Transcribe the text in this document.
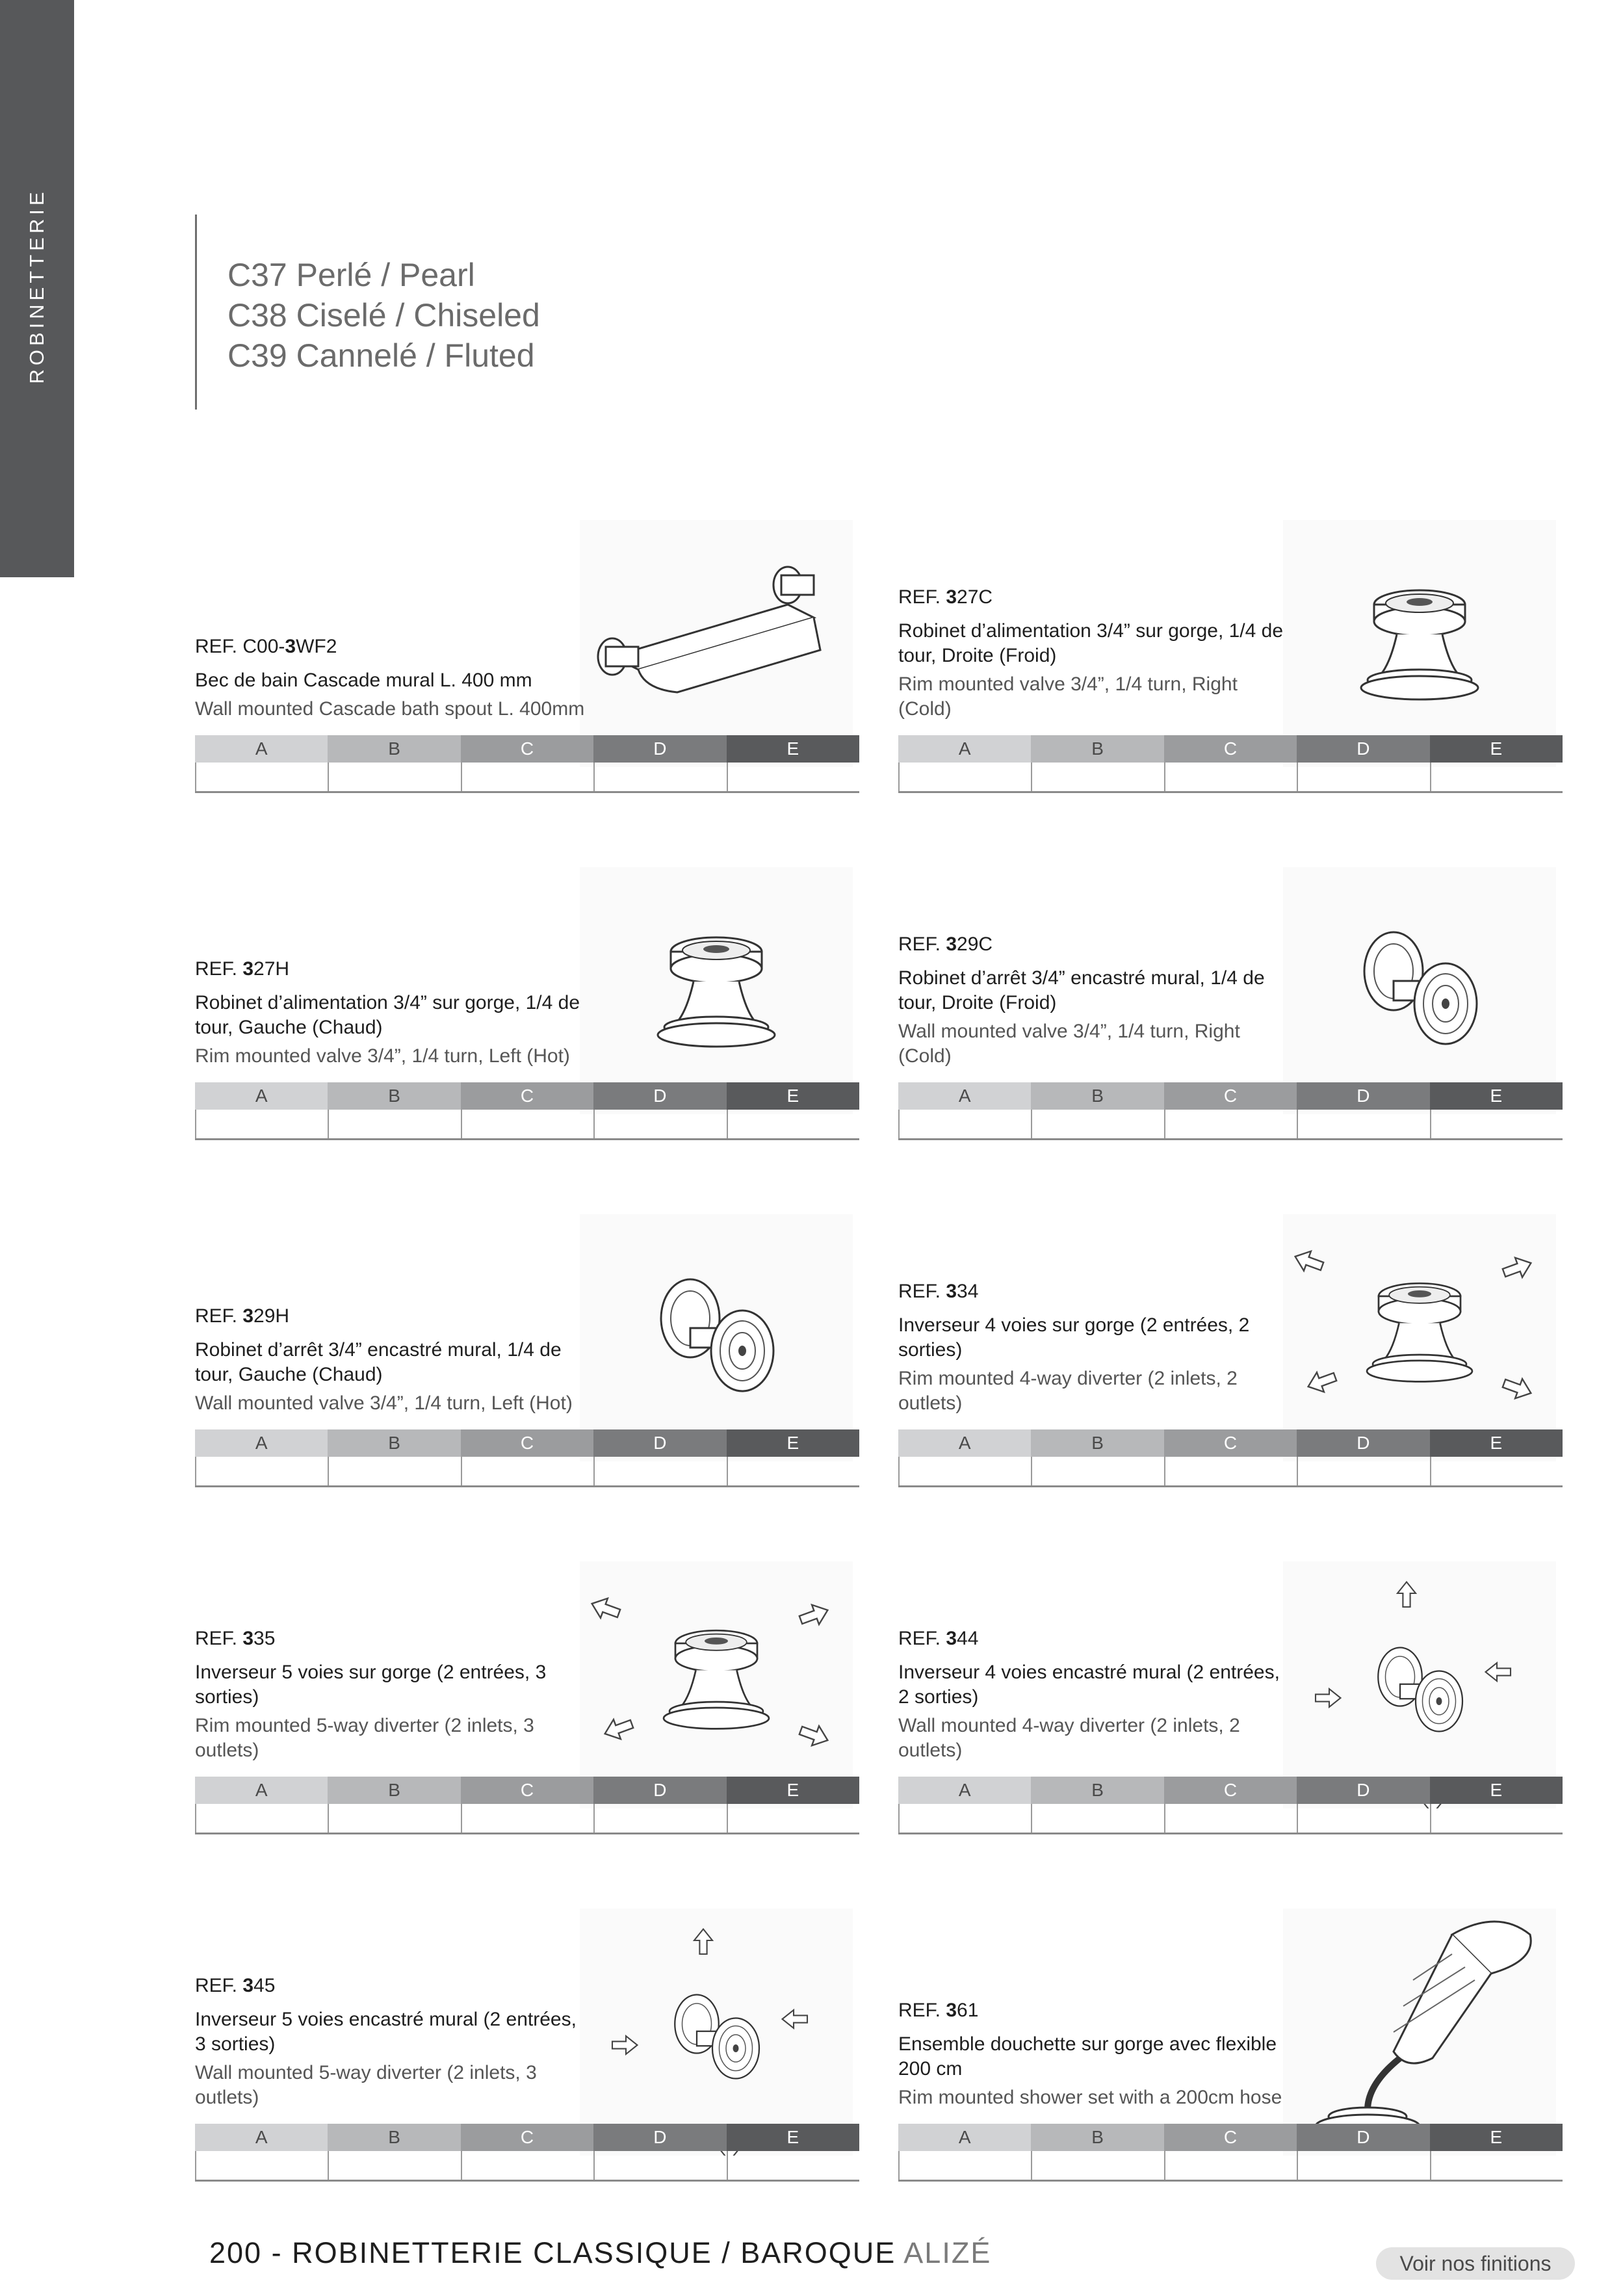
ROBINETTERIE	C37 Perlé / Pearl
C38 Ciselé / Chiseled
C39 Cannelé / Fluted
REF. C00-3WF2
Bec de bain Cascade mural L. 400 mm
Wall mounted Cascade bath spout L. 400mm
A	B	C	D	E
REF. 327C
Robinet d’alimentation 3/4” sur gorge, 1/4 de tour, Droite (Froid)
Rim mounted valve 3/4”, 1/4 turn, Right (Cold)
A	B	C	D	E
REF. 327H
Robinet d’alimentation 3/4” sur gorge, 1/4 de tour, Gauche (Chaud)
Rim mounted valve 3/4”, 1/4 turn, Left (Hot)
A	B	C	D	E
REF. 329C
Robinet d’arrêt 3/4” encastré mural, 1/4 de tour, Droite (Froid)
Wall mounted valve 3/4”, 1/4 turn, Right (Cold)
A	B	C	D	E
REF. 329H
Robinet d’arrêt 3/4” encastré mural, 1/4 de tour, Gauche (Chaud)
Wall mounted valve 3/4”, 1/4 turn, Left (Hot)
A	B	C	D	E
REF. 334
Inverseur 4 voies sur gorge (2 entrées, 2 sorties)
Rim mounted 4-way diverter (2 inlets, 2 outlets)
A	B	C	D	E
REF. 335
Inverseur 5 voies sur gorge (2 entrées, 3 sorties)
Rim mounted 5-way diverter (2 inlets, 3 outlets)
A	B	C	D	E
REF. 344
Inverseur 4 voies encastré mural (2 entrées, 2 sorties)
Wall mounted 4-way diverter (2 inlets, 2 outlets)
A	B	C	D	E
REF. 345
Inverseur 5 voies encastré mural (2 entrées, 3 sorties)
Wall mounted 5-way diverter (2 inlets, 3 outlets)
A	B	C	D	E
REF. 361
Ensemble douchette sur gorge avec flexible 200 cm
Rim mounted shower set with a 200cm hose
A	B	C	D	E
200 - ROBINETTERIE CLASSIQUE / BAROQUE ALIZÉ	Voir nos finitions
